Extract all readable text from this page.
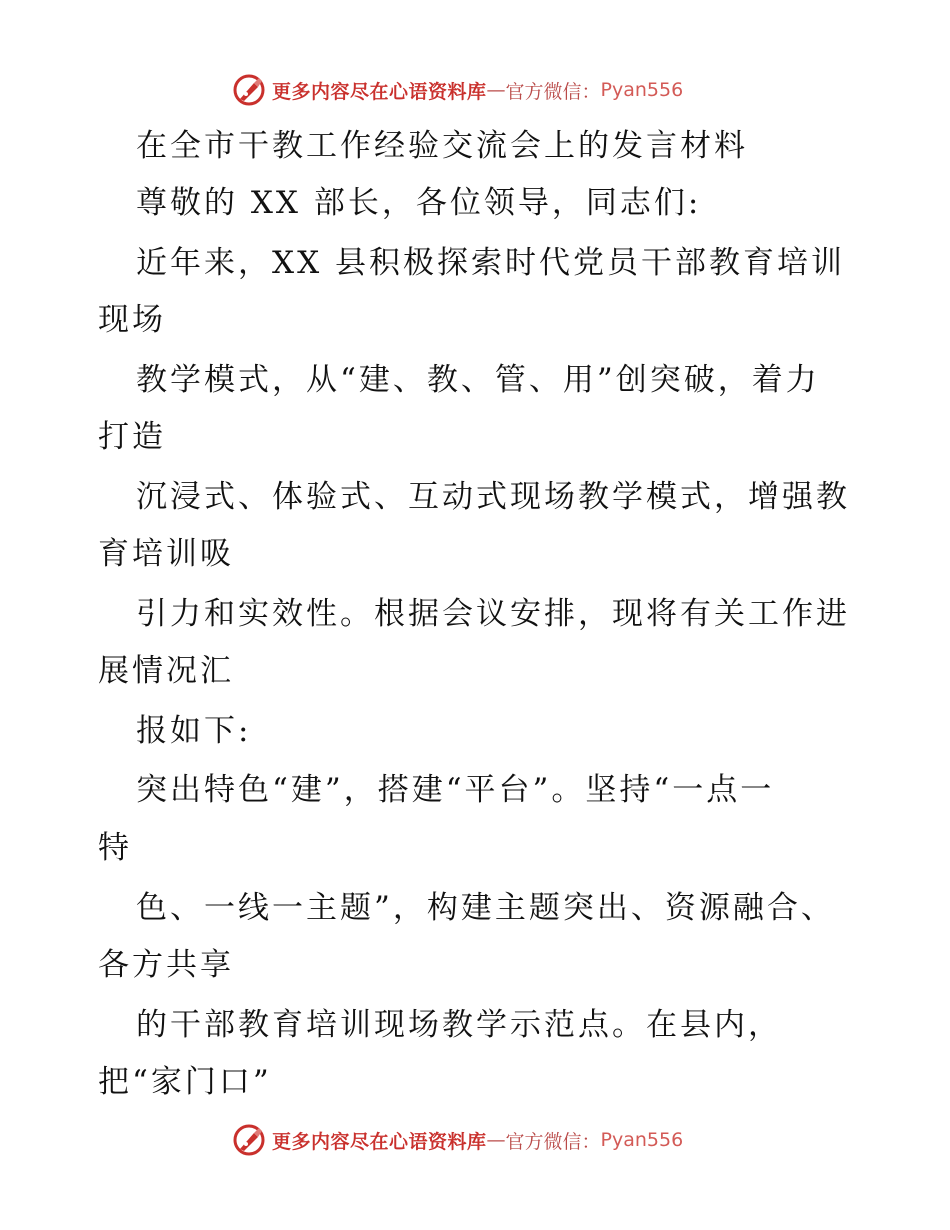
更多内容尽在心语资料库 — 官方微信： Pyan556
在全市干教工作经验交流会上的发言材料
尊敬的 XX 部长，各位领导，同志们:
近年来，XX 县积极探索时代党员干部教育培训
现场
教学模式，从“建、教、管、用”创突破，着力
打造
沉浸式、体验式、互动式现场教学模式，增强教
育培训吸
引力和实效性。根据会议安排，现将有关工作进
展情况汇
报如下:
突出特色“建”，搭建“平台”。坚持“一点一
特
色、一线一主题”，构建主题突出、资源融合、
各方共享
的干部教育培训现场教学示范点。在县内，
把“家门口”
更多内容尽在心语资料库 — 官方微信： Pyan556
